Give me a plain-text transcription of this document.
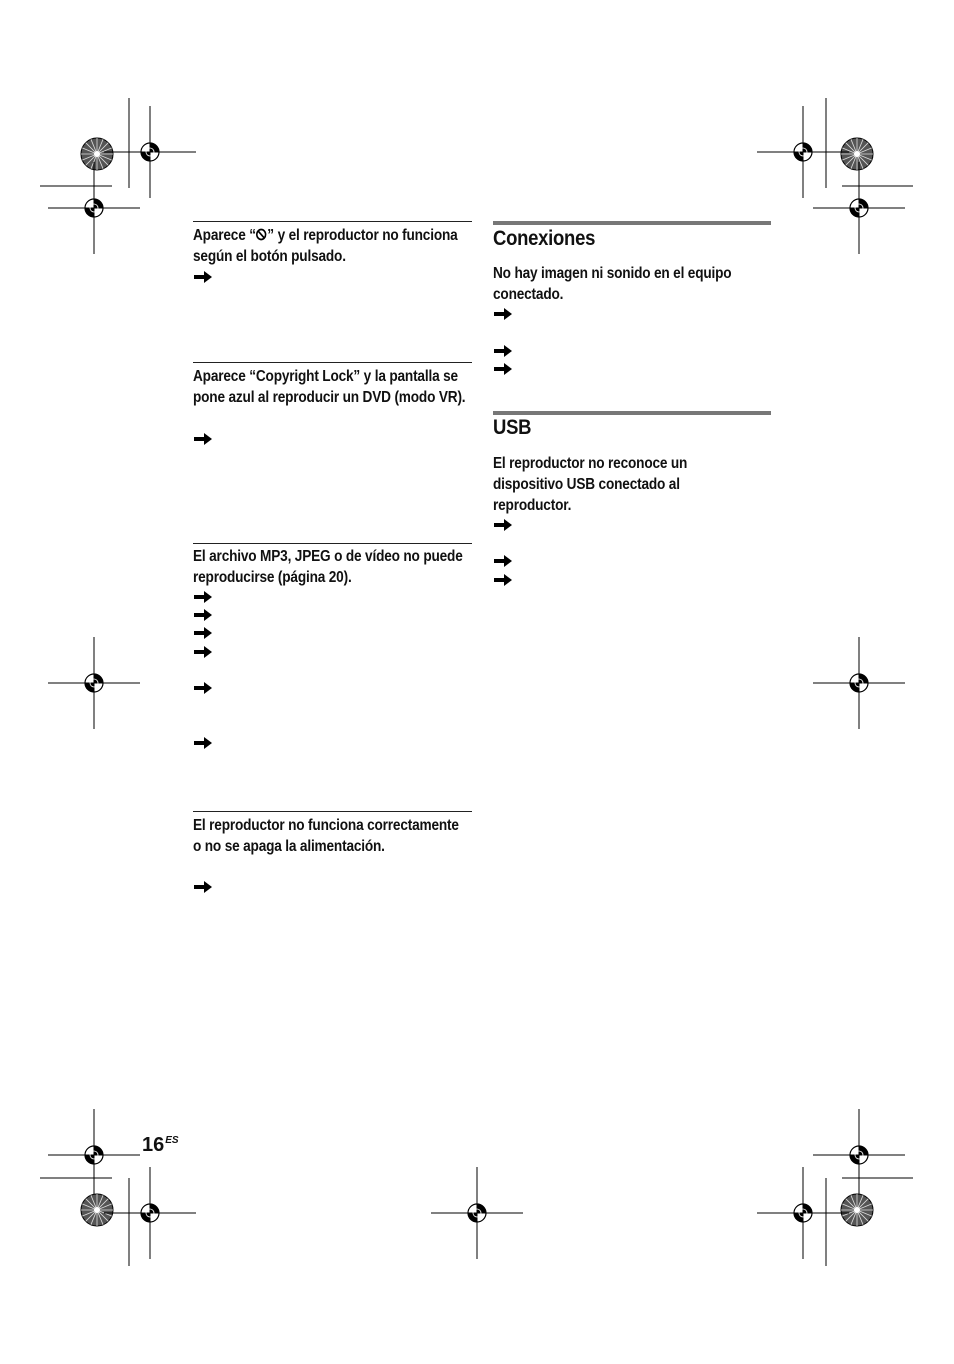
Aparece “ ” y el reproductor no funciona según el botón pulsado.
Aparece “Copyright Lock” y la pantalla se pone azul al reproducir un DVD (modo VR).
El archivo MP3, JPEG o de vídeo no puede reproducirse (página 20).
El reproductor no funciona correctamente o no se apaga la alimentación.
Conexiones
No hay imagen ni sonido en el equipo conectado.
USB
El reproductor no reconoce un dispositivo USB conectado al reproductor.
$16^{ES}$
